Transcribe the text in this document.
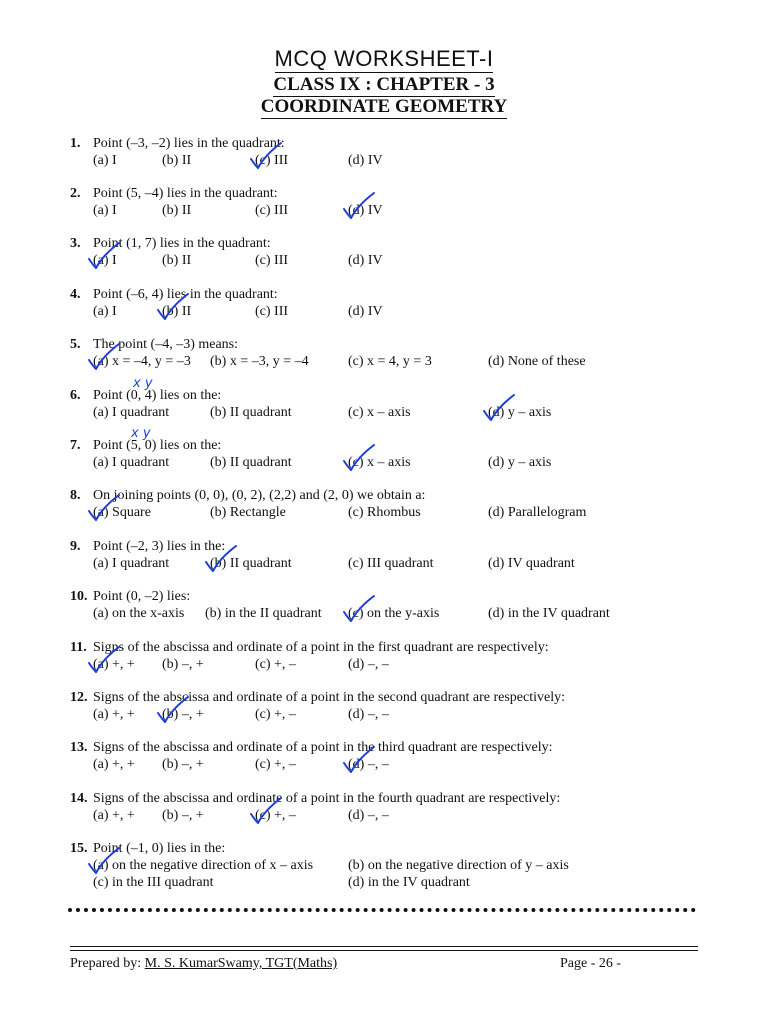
MCQ WORKSHEET-I
CLASS IX : CHAPTER - 3
COORDINATE GEOMETRY
1. Point (–3, –2) lies in the quadrant:
(a) I	(b) II	(c) III	(d) IV
2. Point (5, –4) lies in the quadrant:
(a) I	(b) II	(c) III	(d) IV
3. Point (1, 7) lies in the quadrant:
(a) I	(b) II	(c) III	(d) IV
4. Point (–6, 4) lies in the quadrant:
(a) I	(b) II	(c) III	(d) IV
5. The point (–4, –3) means:
(a) x = –4, y = –3 (b) x = –3, y = –4	(c) x = 4, y = 3	(d) None of these
6. Point (0, 4) lies on the:
(a) I quadrant	(b) II quadrant	(c) x – axis	(d) y – axis
7. Point (5, 0) lies on the:
(a) I quadrant	(b) II quadrant	(c) x – axis	(d) y – axis
8. On joining points (0, 0), (0, 2), (2,2) and (2, 0) we obtain a:
(a) Square	(b) Rectangle	(c) Rhombus	(d) Parallelogram
9. Point (–2, 3) lies in the:
(a) I quadrant	(b) II quadrant	(c) III quadrant	(d) IV quadrant
10. Point (0, –2) lies:
(a) on the x-axis (b) in the II quadrant (c) on the y-axis	(d) in the IV quadrant
11. Signs of the abscissa and ordinate of a point in the first quadrant are respectively:
(a) +, + (b) –, +	(c) +, –	(d) –, –
12. Signs of the abscissa and ordinate of a point in the second quadrant are respectively:
(a) +, + (b) –, +	(c) +, –	(d) –, –
13. Signs of the abscissa and ordinate of a point in the third quadrant are respectively:
(a) +, + (b) –, +	(c) +, –	(d) –, –
14. Signs of the abscissa and ordinate of a point in the fourth quadrant are respectively:
(a) +, + (b) –, +	(c) +, –	(d) –, –
15. Point (–1, 0) lies in the:
(a) on the negative direction of x – axis (b) on the negative direction of y – axis
(c) in the III quadrant	(d) in the IV quadrant
x y
x y
Prepared by: M. S. KumarSwamy, TGT(Maths)	Page - 26 -
